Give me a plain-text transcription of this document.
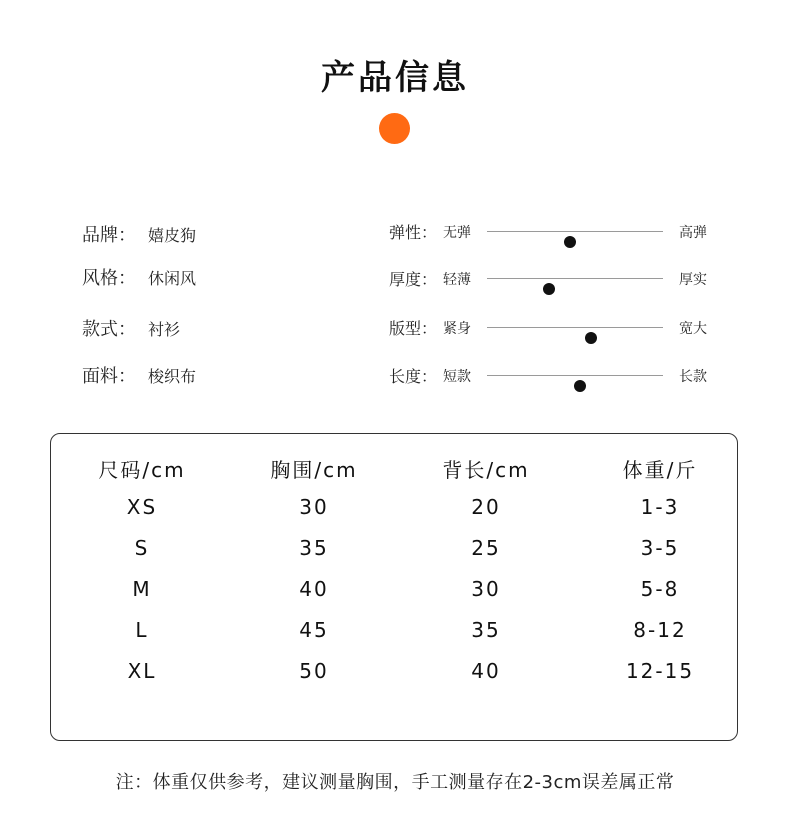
产品信息
品牌： 嬉皮狗
风格： 休闲风
款式： 衬衫
面料： 梭织布
弹性： 无弹	高弹
厚度： 轻薄	厚实
版型： 紧身	宽大
长度： 短款	长款
尺码/cm	胸围/cm	背长/cm	体重/斤
XS	30	20	1-3
S	35	25	3-5
M	40	30	5-8
L	45	35	8-12
XL	50	40	12-15
注：体重仅供参考，建议测量胸围，手工测量存在2-3cm误差属正常
